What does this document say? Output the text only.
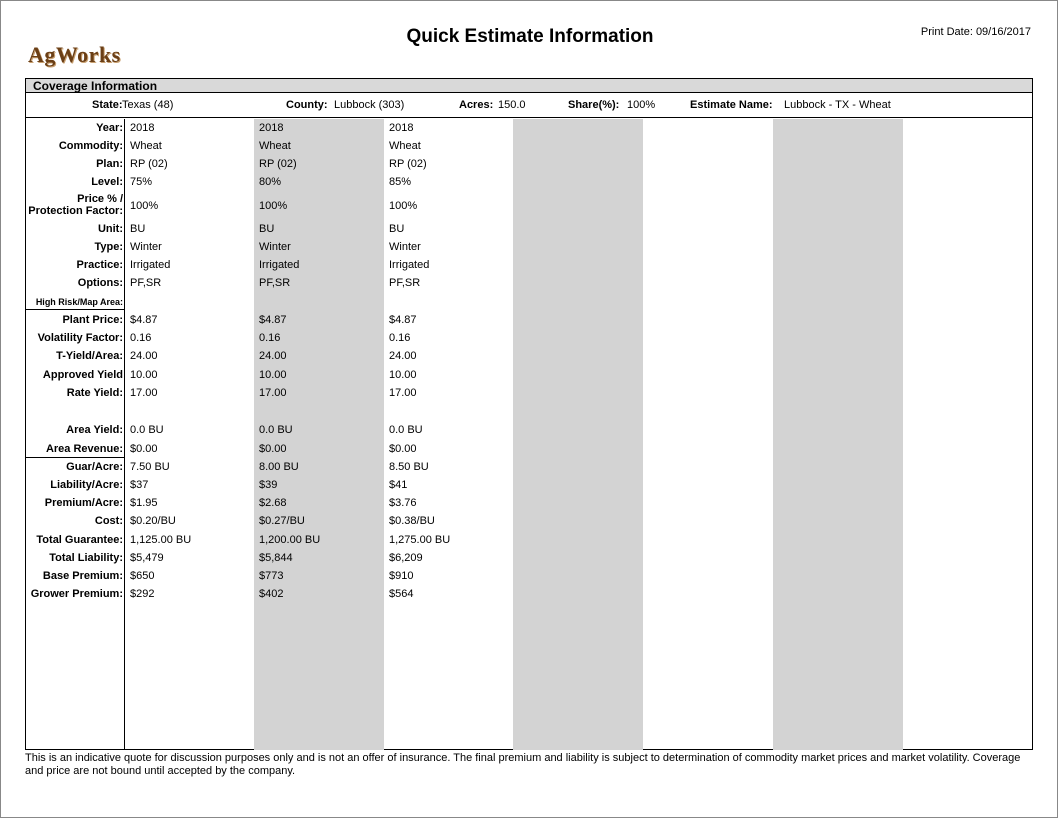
AgWorks
Quick Estimate Information	Print Date: 09/16/2017
Coverage Information
State: Texas (48)	County: Lubbock (303)	Acres: 150.0	Share(%): 100%	Estimate Name: Lubbock - TX - Wheat
Year: 2018	2018	2018
Commodity: Wheat	Wheat	Wheat
Plan: RP (02)	RP (02)	RP (02)
Level: 75%	80%	85%
Price % / Protection Factor: 100%	100%	100%
Unit: BU	BU	BU
Type: Winter	Winter	Winter
Practice: Irrigated	Irrigated	Irrigated
Options: PF,SR	PF,SR	PF,SR
High Risk/Map Area:
Plant Price: $4.87	$4.87	$4.87
Volatility Factor: 0.16	0.16	0.16
T-Yield/Area: 24.00	24.00	24.00
Approved Yield 10.00	10.00	10.00
Rate Yield: 17.00	17.00	17.00
Area Yield: 0.0 BU	0.0 BU	0.0 BU
Area Revenue: $0.00	$0.00	$0.00
Guar/Acre: 7.50 BU	8.00 BU	8.50 BU
Liability/Acre: $37	$39	$41
Premium/Acre: $1.95	$2.68	$3.76
Cost: $0.20/BU	$0.27/BU	$0.38/BU
Total Guarantee: 1,125.00 BU	1,200.00 BU	1,275.00 BU
Total Liability: $5,479	$5,844	$6,209
Base Premium: $650	$773	$910
Grower Premium: $292	$402	$564
This is an indicative quote for discussion purposes only and is not an offer of insurance. The final premium and liability is subject to determination of commodity market prices and market volatility. Coverage and price are not bound until accepted by the company.
